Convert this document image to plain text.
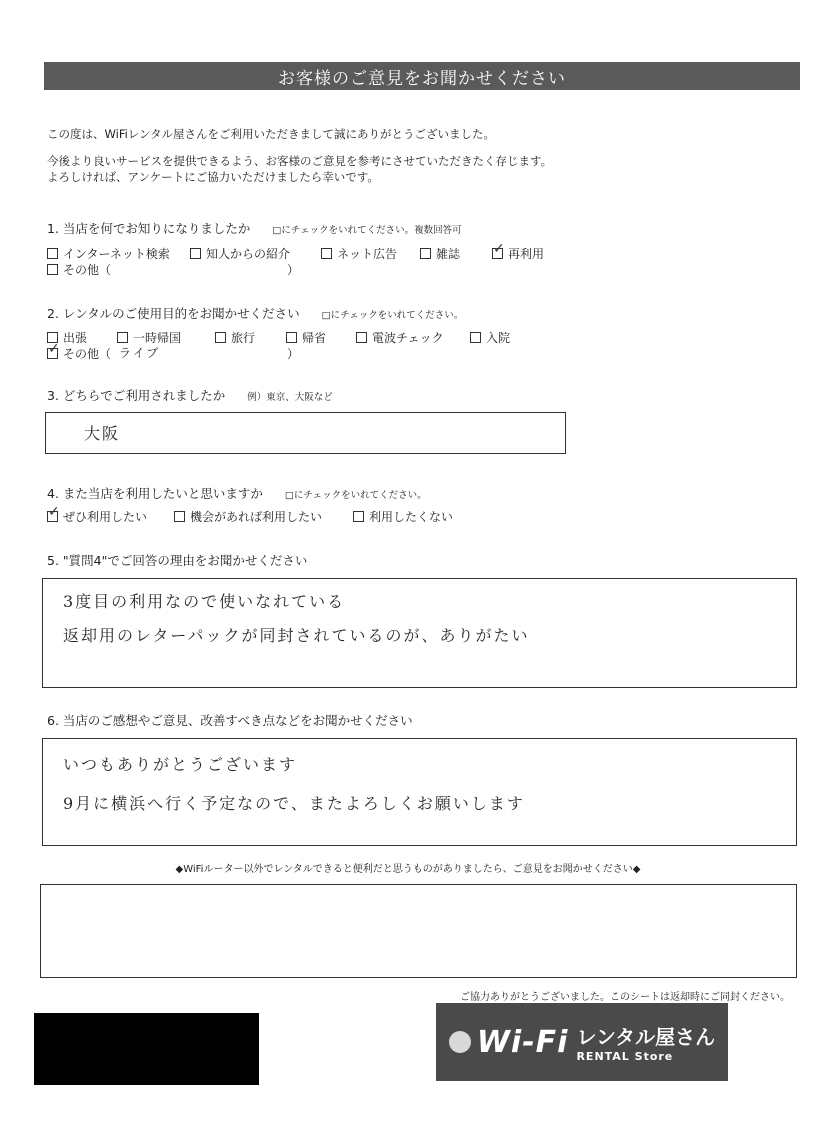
お客様のご意見をお聞かせください
この度は、WiFiレンタル屋さんをご利用いただきまして誠にありがとうございました。
今後より良いサービスを提供できるよう、お客様のご意見を参考にさせていただきたく存じます。
よろしければ、アンケートにご協力いただけましたら幸いです。
1. 当店を何でお知りになりましたか □にチェックをいれてください。複数回答可
インターネット検索	知人からの紹介	ネット広告	雑誌
✓	再利用
その他（	）
2. レンタルのご使用目的をお聞かせください □にチェックをいれてください。
出張	一時帰国	旅行	帰省	電波チェック	入院
✓
その他（ ライブ	）
3. どちらでご利用されましたか 例）東京、大阪など
大阪
4. また当店を利用したいと思いますか □にチェックをいれてください。
✓
ぜひ利用したい	機会があれば利用したい	利用したくない
5. "質問4"でご回答の理由をお聞かせください
3度目の利用なので使いなれている
返却用のレターパックが同封されているのが、ありがたい
6. 当店のご感想やご意見、改善すべき点などをお聞かせください
いつもありがとうございます
9月に横浜へ行く予定なので、またよろしくお願いします
◆WiFiルーター以外でレンタルできると便利だと思うものがありましたら、ご意見をお聞かせください◆
ご協力ありがとうございました。このシートは返却時にご同封ください。
Wi-Fi レンタル屋さん
RENTAL Store
